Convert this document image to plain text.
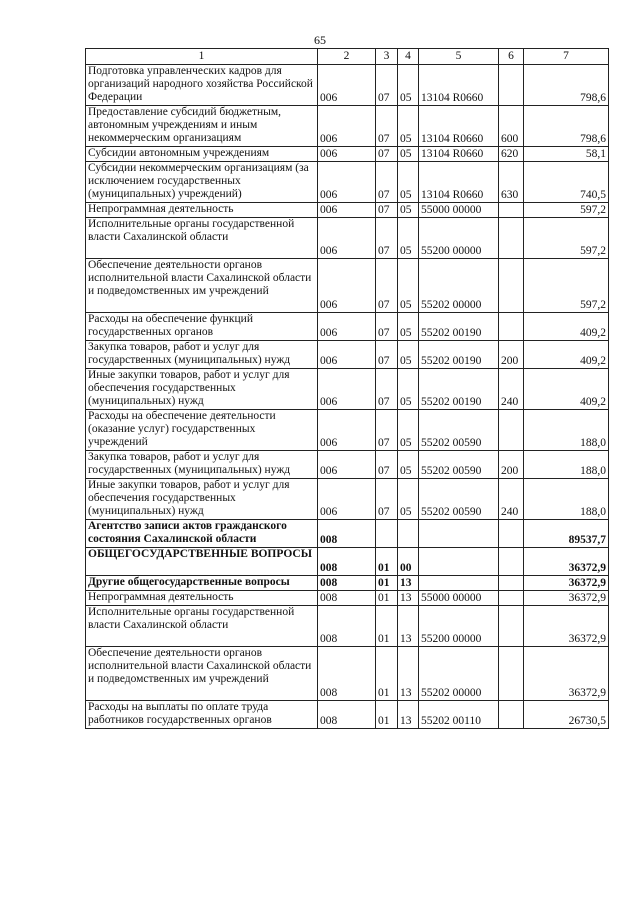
65
1	2	3	4	5	6	7
Подготовка управленческих кадров для организаций народного хозяйства Российской Федерации	006	07	05	13104 R0660		798,6
Предоставление субсидий бюджетным, автономным учреждениям и иным некоммерческим организациям	006	07	05	13104 R0660	600	798,6
Субсидии автономным учреждениям	006	07	05	13104 R0660	620	58,1
Субсидии некоммерческим организациям (за исключением государственных (муниципальных) учреждений)	006	07	05	13104 R0660	630	740,5
Непрограммная деятельность	006	07	05	55000 00000		597,2
Исполнительные органы государственной власти Сахалинской области	006	07	05	55200 00000		597,2
Обеспечение деятельности органов исполнительной власти Сахалинской области и подведомственных им учреждений	006	07	05	55202 00000		597,2
Расходы на обеспечение функций государственных органов	006	07	05	55202 00190		409,2
Закупка товаров, работ и услуг для государственных (муниципальных) нужд	006	07	05	55202 00190	200	409,2
Иные закупки товаров, работ и услуг для обеспечения государственных (муниципальных) нужд	006	07	05	55202 00190	240	409,2
Расходы на обеспечение деятельности (оказание услуг) государственных учреждений	006	07	05	55202 00590		188,0
Закупка товаров, работ и услуг для государственных (муниципальных) нужд	006	07	05	55202 00590	200	188,0
Иные закупки товаров, работ и услуг для обеспечения государственных (муниципальных) нужд	006	07	05	55202 00590	240	188,0
Агентство записи актов гражданского состояния Сахалинской области	008					89537,7
ОБЩЕГОСУДАРСТВЕННЫЕ ВОПРОСЫ	008	01	00			36372,9
Другие общегосударственные вопросы	008	01	13			36372,9
Непрограммная деятельность	008	01	13	55000 00000		36372,9
Исполнительные органы государственной власти Сахалинской области	008	01	13	55200 00000		36372,9
Обеспечение деятельности органов исполнительной власти Сахалинской области и подведомственных им учреждений	008	01	13	55202 00000		36372,9
Расходы на выплаты по оплате труда работников государственных органов	008	01	13	55202 00110		26730,5
